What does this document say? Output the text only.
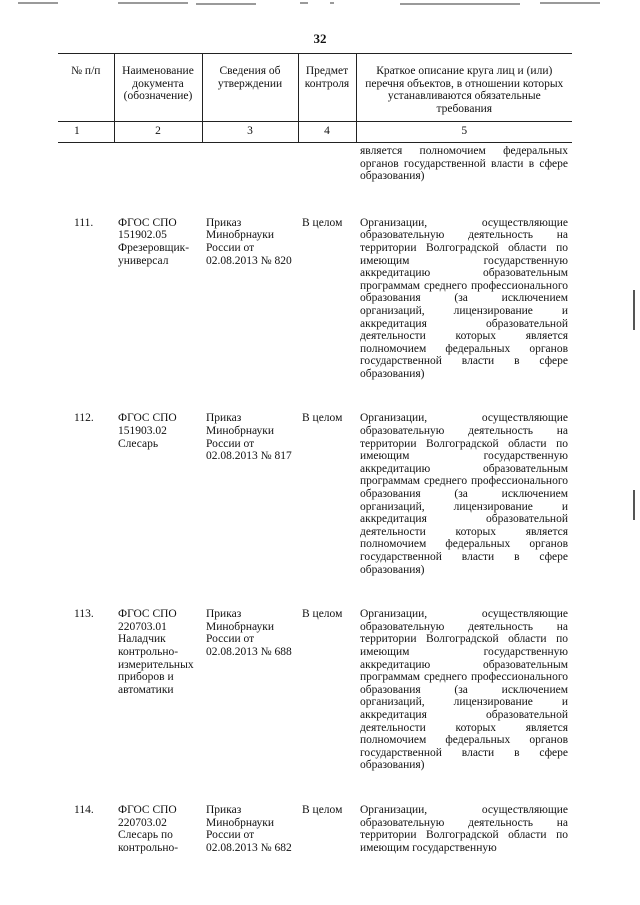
32
№ п/п	Наименование документа (обозначение)	Сведения об утверждении	Предмет контроля	Краткое описание круга лиц и (или) перечня объектов, в отношении которых устанавливаются обязательные требования
1	2	3	4	5
				является полномочием федеральных органов государственной власти в сфере образования)
111.	ФГОС СПО 151902.05 Фрезеровщик-универсал	Приказ Минобрнауки России от 02.08.2013 № 820	В целом	Организации, осуществляющие образовательную деятельность на территории Волгоградской области по имеющим государственную аккредитацию образовательным программам среднего профессионального образования (за исключением организаций, лицензирование и аккредитация образовательной деятельности которых является полномочием федеральных органов государственной власти в сфере образования)
112.	ФГОС СПО 151903.02 Слесарь	Приказ Минобрнауки России от 02.08.2013 № 817	В целом	Организации, осуществляющие образовательную деятельность на территории Волгоградской области по имеющим государственную аккредитацию образовательным программам среднего профессионального образования (за исключением организаций, лицензирование и аккредитация образовательной деятельности которых является полномочием федеральных органов государственной власти в сфере образования)
113.	ФГОС СПО 220703.01 Наладчик контрольно-измерительных приборов и автоматики	Приказ Минобрнауки России от 02.08.2013 № 688	В целом	Организации, осуществляющие образовательную деятельность на территории Волгоградской области по имеющим государственную аккредитацию образовательным программам среднего профессионального образования (за исключением организаций, лицензирование и аккредитация образовательной деятельности которых является полномочием федеральных органов государственной власти в сфере образования)
114.	ФГОС СПО 220703.02 Слесарь по контрольно-	Приказ Минобрнауки России от 02.08.2013 № 682	В целом	Организации, осуществляющие образовательную деятельность на территории Волгоградской области по имеющим государственную
